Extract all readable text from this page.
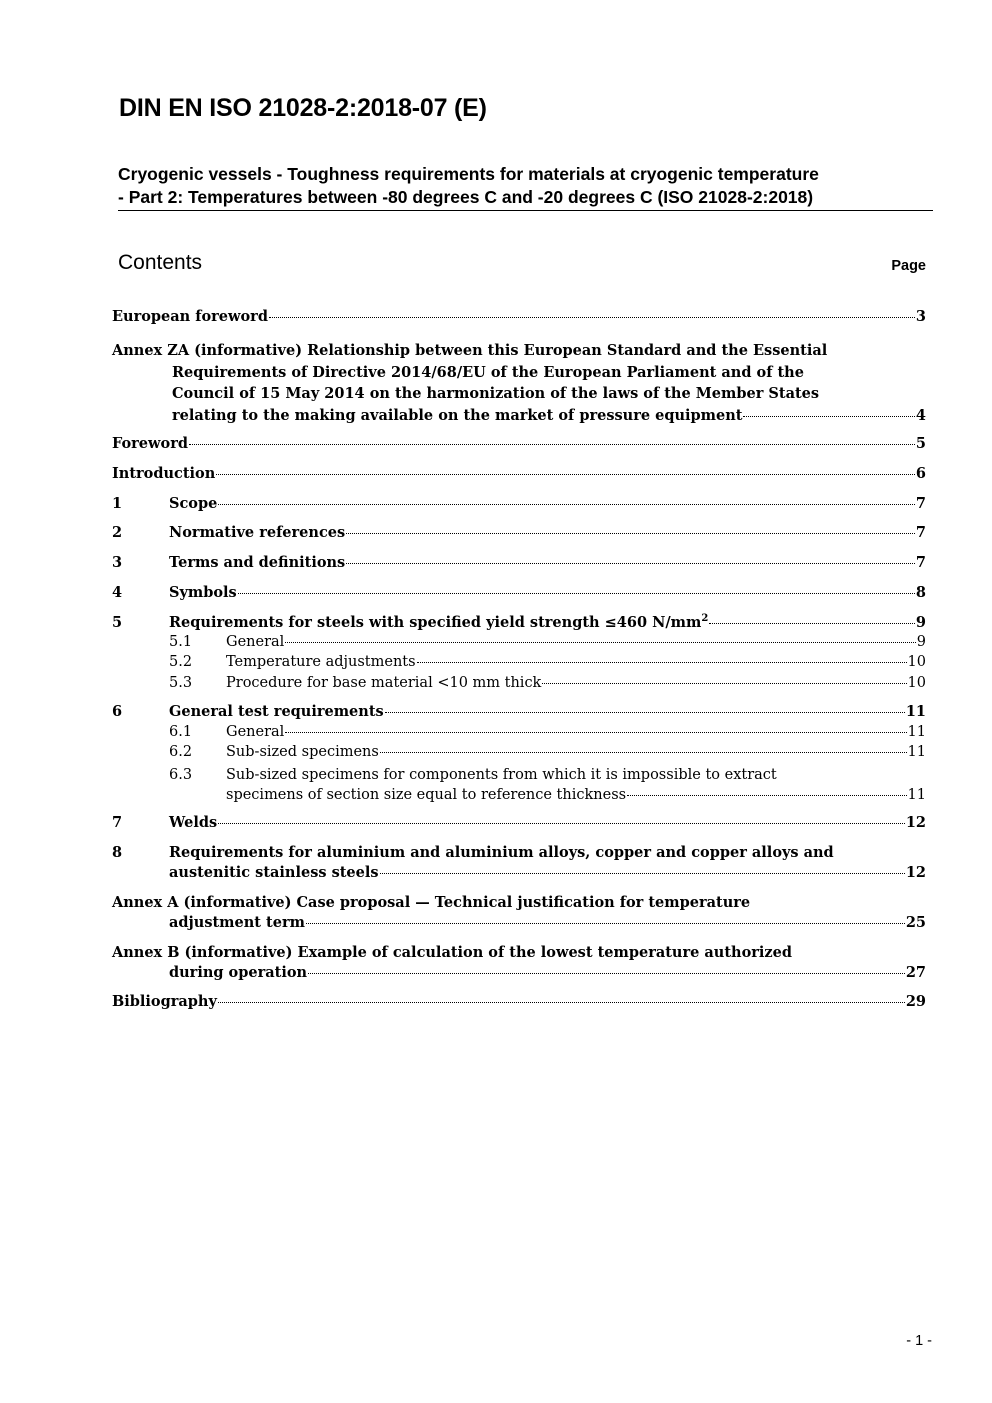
DIN EN ISO 21028-2:2018-07 (E)
Cryogenic vessels - Toughness requirements for materials at cryogenic temperature
- Part 2: Temperatures between -80 degrees C and -20 degrees C (ISO 21028-2:2018)
Contents	Page
European foreword	3
Annex ZA (informative) Relationship between this European Standard and the Essential
Requirements of Directive 2014/68/EU of the European Parliament and of the
Council of 15 May 2014 on the harmonization of the laws of the Member States
relating to the making available on the market of pressure equipment	4
Foreword	5
Introduction	6
1	Scope	7
2	Normative references	7
3	Terms and definitions	7
4	Symbols	8
5	Requirements for steels with specified yield strength ≤460 $N/mm^2$	9
5.1	General	9
5.2	Temperature adjustments	10
5.3	Procedure for base material <10 mm thick	10
6	General test requirements	11
6.1	General	11
6.2	Sub-sized specimens	11
6.3 Sub-sized specimens for components from which it is impossible to extract
specimens of section size equal to reference thickness	11
7	Welds	12
8	Requirements for aluminium and aluminium alloys, copper and copper alloys and
austenitic stainless steels	12
Annex A (informative) Case proposal — Technical justification for temperature
adjustment term	25
Annex B (informative) Example of calculation of the lowest temperature authorized
during operation	27
Bibliography	29
- 1 -
